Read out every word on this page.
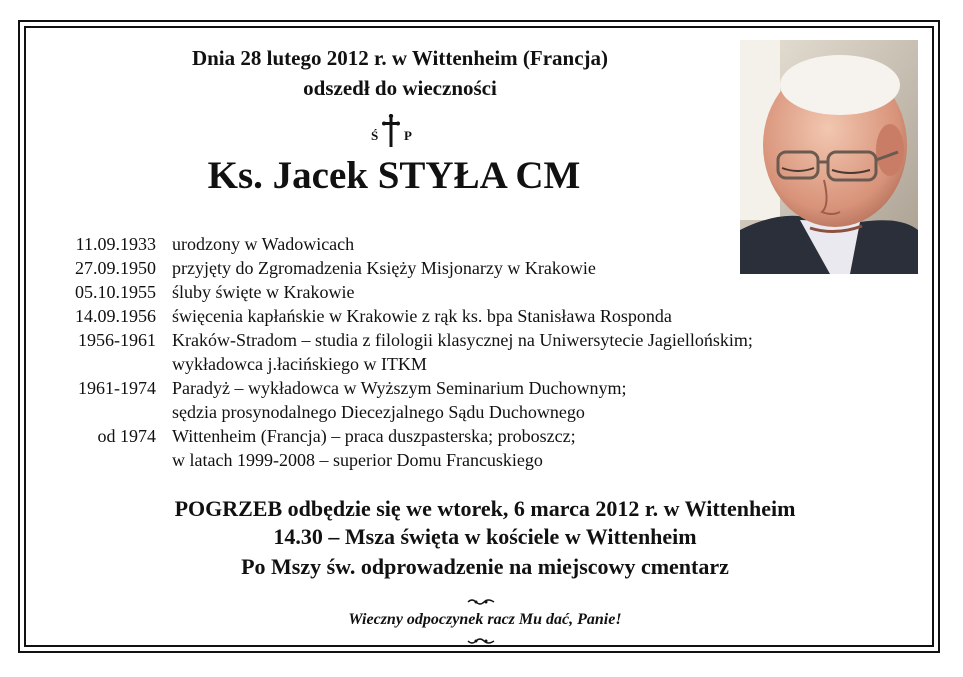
Dnia 28 lutego 2012 r. w Wittenheim (Francja)
odszedł do wieczności
Ś P
Ks. Jacek STYŁA CM
11.09.1933 urodzony w Wadowicach
27.09.1950 przyjęty do Zgromadzenia Księży Misjonarzy w Krakowie
05.10.1955 śluby święte w Krakowie
14.09.1956 święcenia kapłańskie w Krakowie z rąk ks. bpa Stanisława Rosponda
1956-1961 Kraków-Stradom – studia z filologii klasycznej na Uniwersytecie Jagiellońskim;
wykładowca j.łacińskiego w ITKM
1961-1974 Paradyż – wykładowca w Wyższym Seminarium Duchownym;
sędzia prosynodalnego Diecezjalnego Sądu Duchownego
od 1974 Wittenheim (Francja) – praca duszpasterska; proboszcz;
w latach 1999-2008 – superior Domu Francuskiego
POGRZEB odbędzie się we wtorek, 6 marca 2012 r. w Wittenheim
14.30 – Msza święta w kościele w Wittenheim
Po Mszy św. odprowadzenie na miejscowy cmentarz
Wieczny odpoczynek racz Mu dać, Panie!
